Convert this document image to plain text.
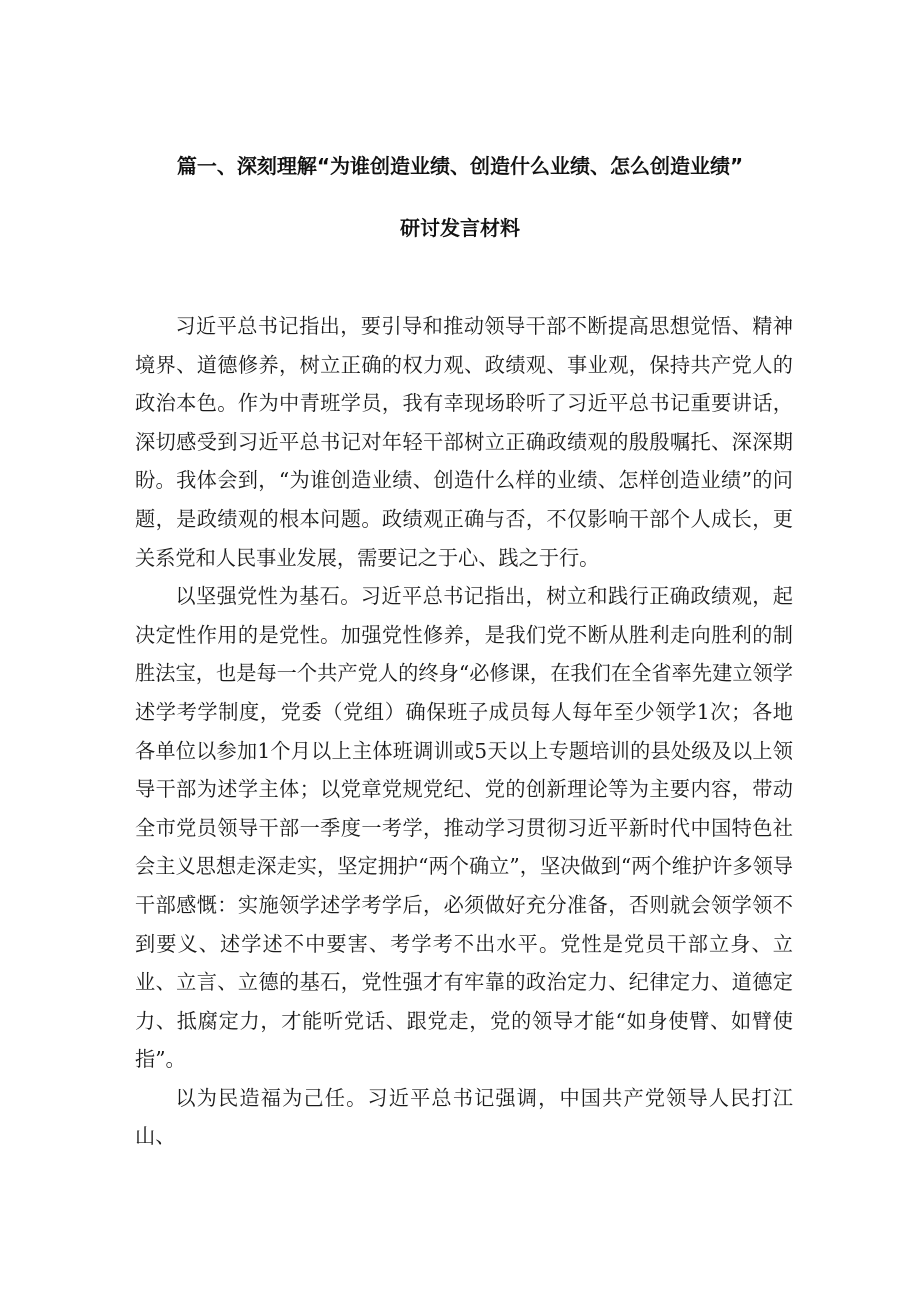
篇一、深刻理解“为谁创造业绩、创造什么业绩、怎么创造业绩”
研讨发言材料

习近平总书记指出，要引导和推动领导干部不断提高思想觉悟、精神境界、道德修养，树立正确的权力观、政绩观、事业观，保持共产党人的政治本色。作为中青班学员，我有幸现场聆听了习近平总书记重要讲话，深切感受到习近平总书记对年轻干部树立正确政绩观的殷殷嘱托、深深期盼。我体会到，“为谁创造业绩、创造什么样的业绩、怎样创造业绩”的问题，是政绩观的根本问题。政绩观正确与否，不仅影响干部个人成长，更关系党和人民事业发展，需要记之于心、践之于行。

以坚强党性为基石。习近平总书记指出，树立和践行正确政绩观，起决定性作用的是党性。加强党性修养，是我们党不断从胜利走向胜利的制胜法宝，也是每一个共产党人的终身“必修课，在我们在全省率先建立领学述学考学制度，党委（党组）确保班子成员每人每年至少领学1次；各地各单位以参加1个月以上主体班调训或5天以上专题培训的县处级及以上领导干部为述学主体；以党章党规党纪、党的创新理论等为主要内容，带动全市党员领导干部一季度一考学，推动学习贯彻习近平新时代中国特色社会主义思想走深走实，坚定拥护“两个确立”，坚决做到“两个维护许多领导干部感慨：实施领学述学考学后，必须做好充分准备，否则就会领学领不到要义、述学述不中要害、考学考不出水平。党性是党员干部立身、立业、立言、立德的基石，党性强才有牢靠的政治定力、纪律定力、道德定力、抵腐定力，才能听党话、跟党走，党的领导才能“如身使臂、如臂使指”。

以为民造福为己任。习近平总书记强调，中国共产党领导人民打江山、
